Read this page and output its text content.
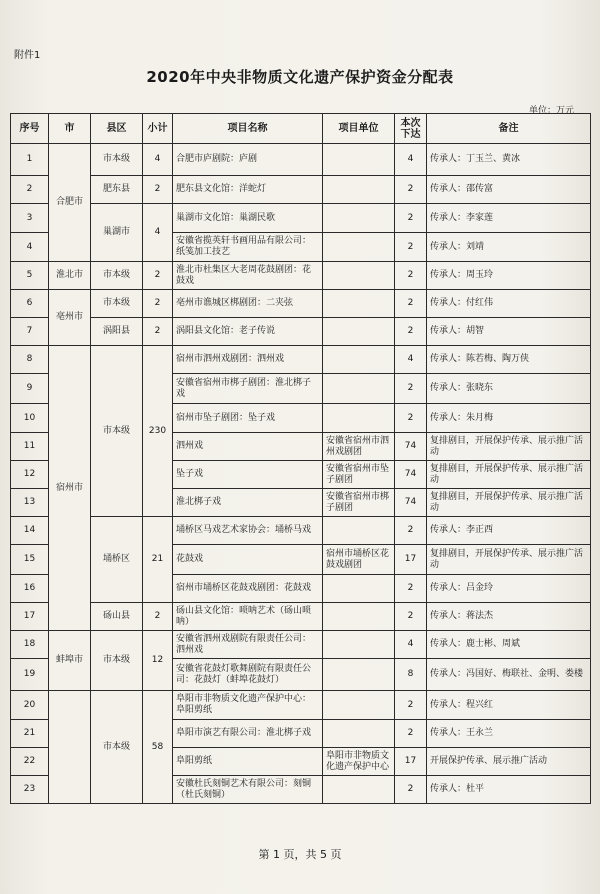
附件1
2020年中央非物质文化遗产保护资金分配表
单位：万元
序号	市	县区	小计	项目名称	项目单位	本次下达	备注
1	合肥市	市本级	4	合肥市庐剧院：庐剧		4	传承人：丁玉兰、黄冰
2		肥东县	2	肥东县文化馆：洋蛇灯		2	传承人：邵传富
3		巢湖市	4	巢湖市文化馆：巢湖民歌		2	传承人：李家莲
4				安徽省揽英轩书画用品有限公司：纸笺加工技艺		2	传承人：刘靖
5	淮北市	市本级	2	淮北市杜集区大老周花鼓剧团：花鼓戏		2	传承人：周玉玲
6	亳州市	市本级	2	亳州市谯城区梆剧团：二夹弦		2	传承人：付红伟
7		涡阳县	2	涡阳县文化馆：老子传说		2	传承人：胡智
8	宿州市	市本级	230	宿州市泗州戏剧团：泗州戏		4	传承人：陈若梅、陶万侠
9				安徽省宿州市梆子剧团：淮北梆子戏		2	传承人：张晓东
10				宿州市坠子剧团：坠子戏		2	传承人：朱月梅
11				泗州戏	安徽省宿州市泗州戏剧团	74	复排剧目，开展保护传承、展示推广活动
12				坠子戏	安徽省宿州市坠子剧团	74	复排剧目，开展保护传承、展示推广活动
13				淮北梆子戏	安徽省宿州市梆子剧团	74	复排剧目，开展保护传承、展示推广活动
14		埇桥区	21	埇桥区马戏艺术家协会：埇桥马戏		2	传承人：李正西
15				花鼓戏	宿州市埇桥区花鼓戏剧团	17	复排剧目，开展保护传承、展示推广活动
16				宿州市埇桥区花鼓戏剧团：花鼓戏		2	传承人：吕金玲
17		砀山县	2	砀山县文化馆：唢呐艺术（砀山唢呐）		2	传承人：蒋法杰
18	蚌埠市	市本级	12	安徽省泗州戏剧院有限责任公司：泗州戏		4	传承人：鹿士彬、周斌
19				安徽省花鼓灯歌舞剧院有限责任公司：花鼓灯（蚌埠花鼓灯）		8	传承人：冯国好、梅联社、金明、娄楼
20		市本级	58	阜阳市非物质文化遗产保护中心：阜阳剪纸		2	传承人：程兴红
21				阜阳市演艺有限公司：淮北梆子戏		2	传承人：王永兰
22				阜阳剪纸	阜阳市非物质文化遗产保护中心	17	开展保护传承、展示推广活动
23				安徽杜氏刻铜艺术有限公司：刻铜（杜氏刻铜）		2	传承人：杜平
第 1 页，共 5 页
